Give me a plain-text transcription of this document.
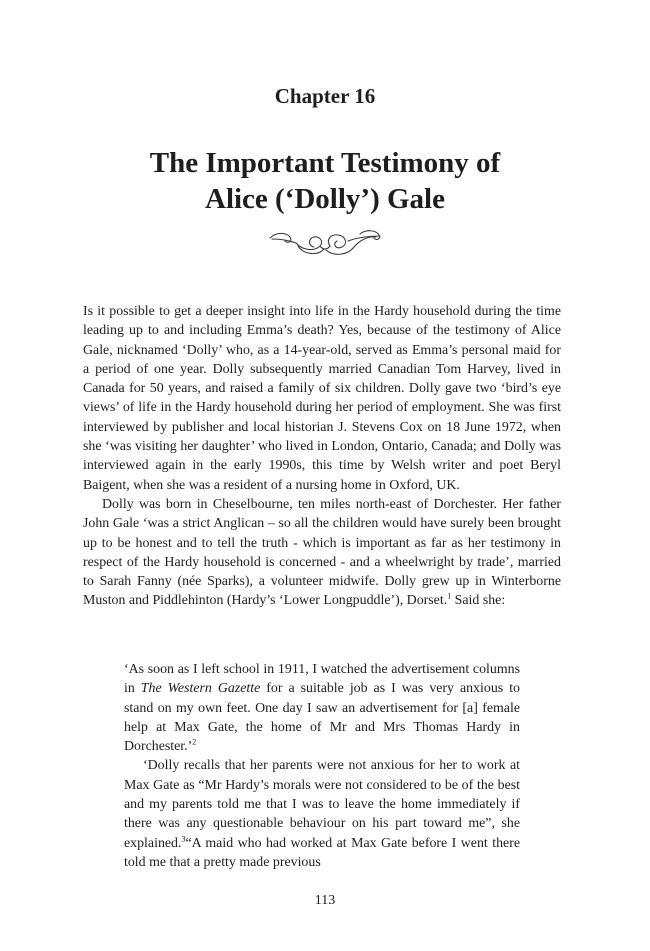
Chapter 16
The Important Testimony of
Alice (‘Dolly’) Gale

Is it possible to get a deeper insight into life in the Hardy household during the time leading up to and including Emma’s death? Yes, because of the testimony of Alice Gale, nicknamed ‘Dolly’ who, as a 14-year-old, served as Emma’s personal maid for a period of one year. Dolly subsequently married Canadian Tom Harvey, lived in Canada for 50 years, and raised a family of six children. Dolly gave two ‘bird’s eye views’ of life in the Hardy household during her period of employment. She was first interviewed by publisher and local historian J. Stevens Cox on 18 June 1972, when she ‘was visiting her daughter’ who lived in London, Ontario, Canada; and Dolly was interviewed again in the early 1990s, this time by Welsh writer and poet Beryl Baigent, when she was a resident of a nursing home in Oxford, UK.

Dolly was born in Cheselbourne, ten miles north-east of Dorchester. Her father John Gale ‘was a strict Anglican – so all the children would have surely been brought up to be honest and to tell the truth - which is important as far as her testimony in respect of the Hardy household is concerned - and a wheelwright by trade’, married to Sarah Fanny (née Sparks), a volunteer midwife. Dolly grew up in Winterborne Muston and Piddlehinton (Hardy’s ‘Lower Longpuddle’), Dorset.$^1$ Said she:

‘As soon as I left school in 1911, I watched the advertisement columns in The Western Gazette for a suitable job as I was very anxious to stand on my own feet. One day I saw an advertisement for [a] female help at Max Gate, the home of Mr and Mrs Thomas Hardy in Dorchester.’$^2$

‘Dolly recalls that her parents were not anxious for her to work at Max Gate as “Mr Hardy’s morals were not considered to be of the best and my parents told me that I was to leave the home immediately if there was any questionable behaviour on his part toward me”, she explained.$^3$“A maid who had worked at Max Gate before I went there told me that a pretty made previous

113
